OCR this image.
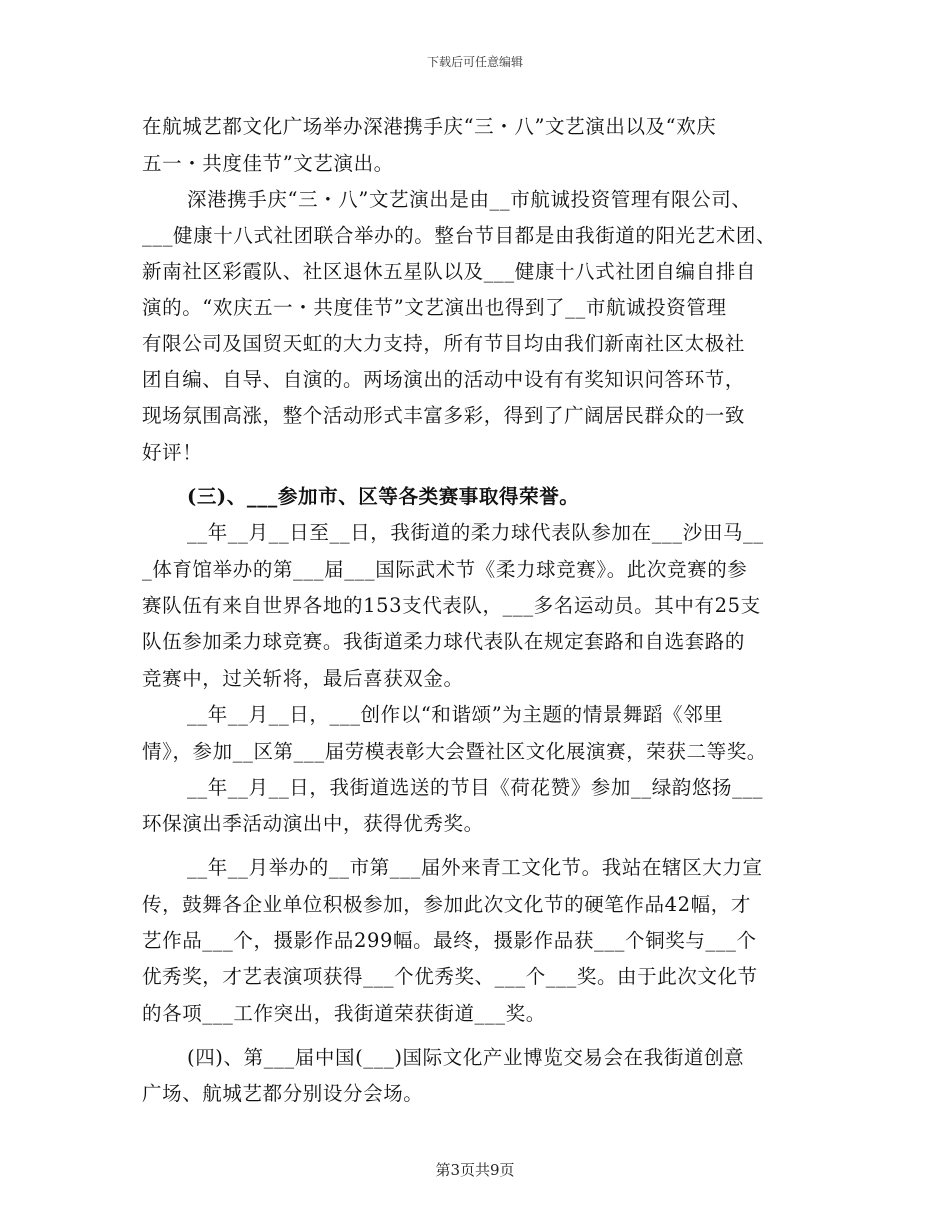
下载后可任意编辑
在航城艺都文化广场举办深港携手庆“三・八”文艺演出以及“欢庆
五一・共度佳节”文艺演出。
深港携手庆“三・八”文艺演出是由__市航诚投资管理有限公司、
___健康十八式社团联合举办的。整台节目都是由我街道的阳光艺术团、
新南社区彩霞队、社区退休五星队以及___健康十八式社团自编自排自
演的。“欢庆五一・共度佳节”文艺演出也得到了__市航诚投资管理
有限公司及国贸天虹的大力支持，所有节目均由我们新南社区太极社
团自编、自导、自演的。两场演出的活动中设有有奖知识问答环节，
现场氛围高涨，整个活动形式丰富多彩，得到了广阔居民群众的一致
好评！
(三)、___参加市、区等各类赛事取得荣誉。
__年__月__日至__日，我街道的柔力球代表队参加在___沙田马__
_体育馆举办的第___届___国际武术节《柔力球竞赛》。此次竞赛的参
赛队伍有来自世界各地的153支代表队，___多名运动员。其中有25支
队伍参加柔力球竞赛。我街道柔力球代表队在规定套路和自选套路的
竞赛中，过关斩将，最后喜获双金。
__年__月__日，___创作以“和谐颂”为主题的情景舞蹈《邻里
情》，参加__区第___届劳模表彰大会暨社区文化展演赛，荣获二等奖。
__年__月__日，我街道选送的节目《荷花赞》参加__绿韵悠扬___
环保演出季活动演出中，获得优秀奖。
__年__月举办的__市第___届外来青工文化节。我站在辖区大力宣
传，鼓舞各企业单位积极参加，参加此次文化节的硬笔作品42幅，才
艺作品___个，摄影作品299幅。最终，摄影作品获___个铜奖与___个
优秀奖，才艺表演项获得___个优秀奖、___个___奖。由于此次文化节
的各项___工作突出，我街道荣获街道___奖。
(四)、第___届中国(___)国际文化产业博览交易会在我街道创意
广场、航城艺都分别设分会场。
第3页共9页
